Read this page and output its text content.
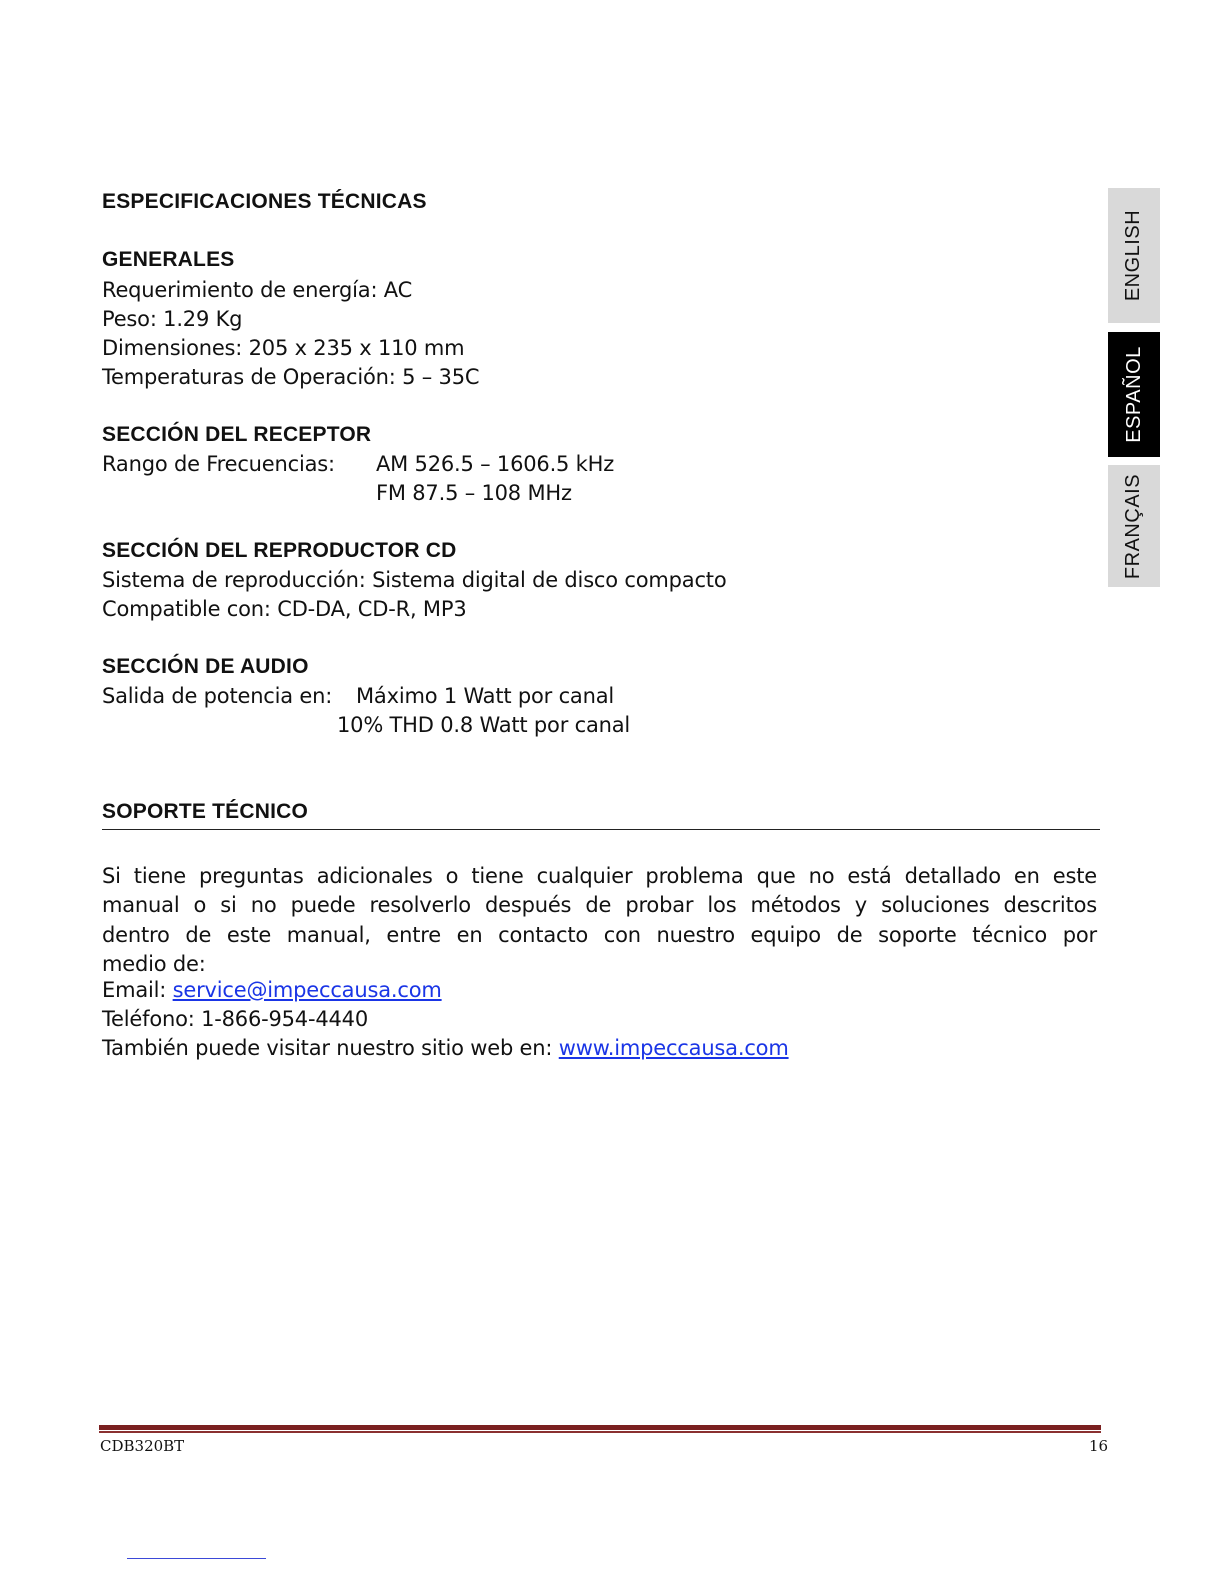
ESPECIFICACIONES TÉCNICAS
GENERALES
Requerimiento de energía: AC
Peso: 1.29 Kg
Dimensiones: 205 x 235 x 110 mm
Temperaturas de Operación: 5 – 35C
SECCIÓN DEL RECEPTOR
Rango de Frecuencias: AM 526.5 – 1606.5 kHz
FM 87.5 – 108 MHz
SECCIÓN DEL REPRODUCTOR CD
Sistema de reproducción: Sistema digital de disco compacto
Compatible con: CD-DA, CD-R, MP3
SECCIÓN DE AUDIO
Salida de potencia en: Máximo 1 Watt por canal
10% THD 0.8 Watt por canal
SOPORTE TÉCNICO
Si tiene preguntas adicionales o tiene cualquier problema que no está detallado en este
manual o si no puede resolverlo después de probar los métodos y soluciones descritos
dentro de este manual, entre en contacto con nuestro equipo de soporte técnico por
medio de:
Email: service@impeccausa.com
Teléfono: 1-866-954-4440
También puede visitar nuestro sitio web en: www.impeccausa.com
ENGLISH
ESPAÑOL
FRANÇAIS
CDB320BT	16
